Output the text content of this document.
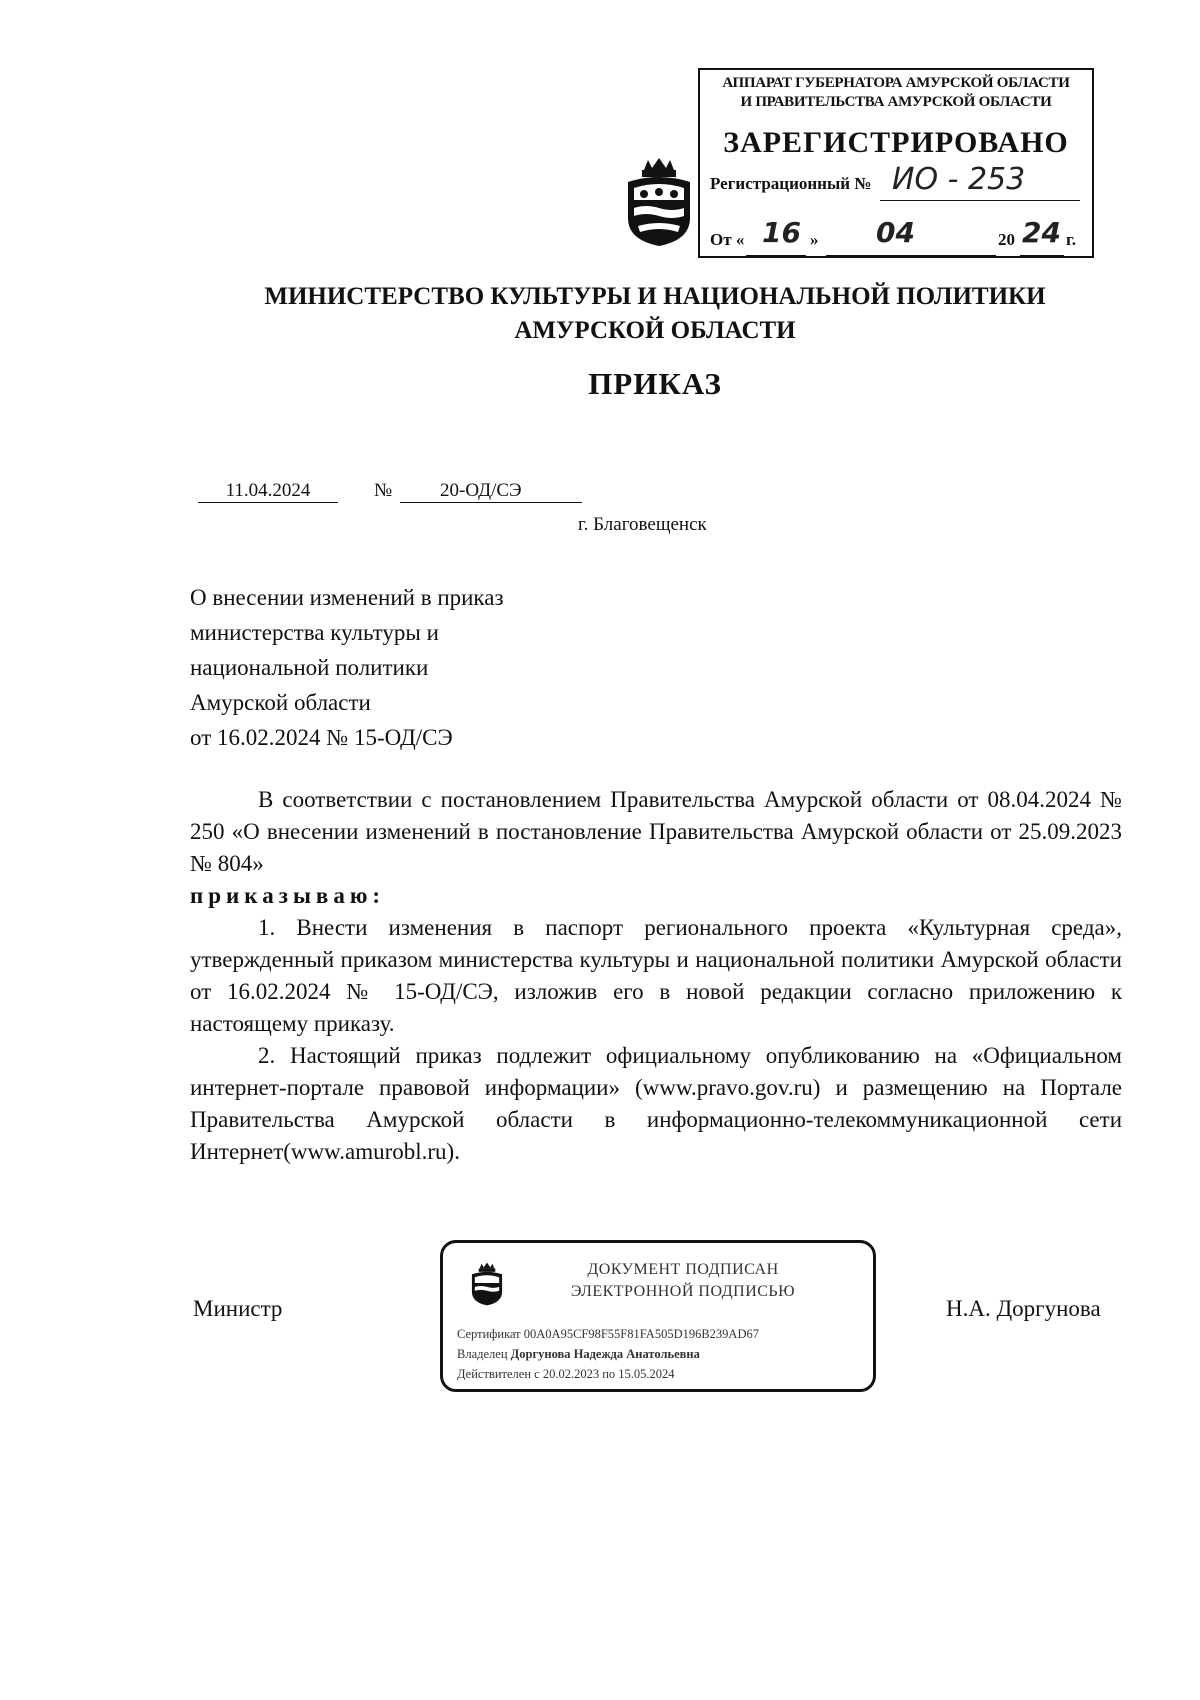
АППАРАТ ГУБЕРНАТОРА АМУРСКОЙ ОБЛАСТИ
И ПРАВИТЕЛЬСТВА АМУРСКОЙ ОБЛАСТИ
ЗАРЕГИСТРИРОВАНО
Регистрационный № ИО - 253
От « 16 » 04	20 24 г.
МИНИСТЕРСТВО КУЛЬТУРЫ И НАЦИОНАЛЬНОЙ ПОЛИТИКИ
АМУРСКОЙ ОБЛАСТИ
ПРИКАЗ
11.04.2024	№	20-ОД/СЭ
г. Благовещенск
О внесении изменений в приказ
министерства культуры и
национальной политики
Амурской области
от 16.02.2024 № 15-ОД/СЭ

В соответствии с постановлением Правительства Амурской области от 08.04.2024 № 250 «О внесении изменений в постановление Правительства Амурской области от 25.09.2023 № 804»

приказываю:

1. Внести изменения в паспорт регионального проекта «Культурная среда», утвержденный приказом министерства культуры и национальной политики Амурской области от 16.02.2024 № 15-ОД/СЭ, изложив его в новой редакции согласно приложению к настоящему приказу.

2. Настоящий приказ подлежит официальному опубликованию на «Официальном интернет-портале правовой информации» (www.pravo.gov.ru) и размещению на Портале Правительства Амурской области в информационно-телекоммуникационной сети Интернет(www.amurobl.ru).

Министр	Н.А. Доргунова
ДОКУМЕНТ ПОДПИСАН
ЭЛЕКТРОННОЙ ПОДПИСЬЮ
Сертификат 00A0A95CF98F55F81FA505D196B239AD67
Владелец Доргунова Надежда Анатольевна
Действителен с 20.02.2023 по 15.05.2024
